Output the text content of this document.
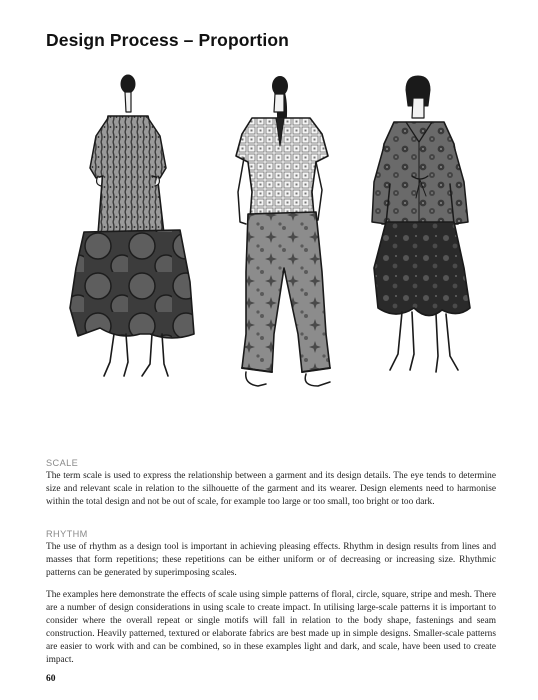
Design Process – Proportion
SCALE

The term scale is used to express the relationship between a garment and its design details. The eye tends to determine size and relevant scale in relation to the silhouette of the garment and its wearer. Design elements need to harmonise within the total design and not be out of scale, for example too large or too small, too bright or too dark.

RHYTHM

The use of rhythm as a design tool is important in achieving pleasing effects. Rhythm in design results from lines and masses that form repetitions; these repetitions can be either uniform or of decreasing or increasing size. Rhythmic patterns can be generated by superimposing scales.

The examples here demonstrate the effects of scale using simple patterns of floral, circle, square, stripe and mesh. There are a number of design considerations in using scale to create impact. In utilising large-scale patterns it is important to consider where the overall repeat or single motifs will fall in relation to the body shape, fastenings and seam construction. Heavily patterned, textured or elaborate fabrics are best made up in simple designs. Smaller-scale patterns are easier to work with and can be combined, so in these examples light and dark, and scale, have been used to create impact.

60
